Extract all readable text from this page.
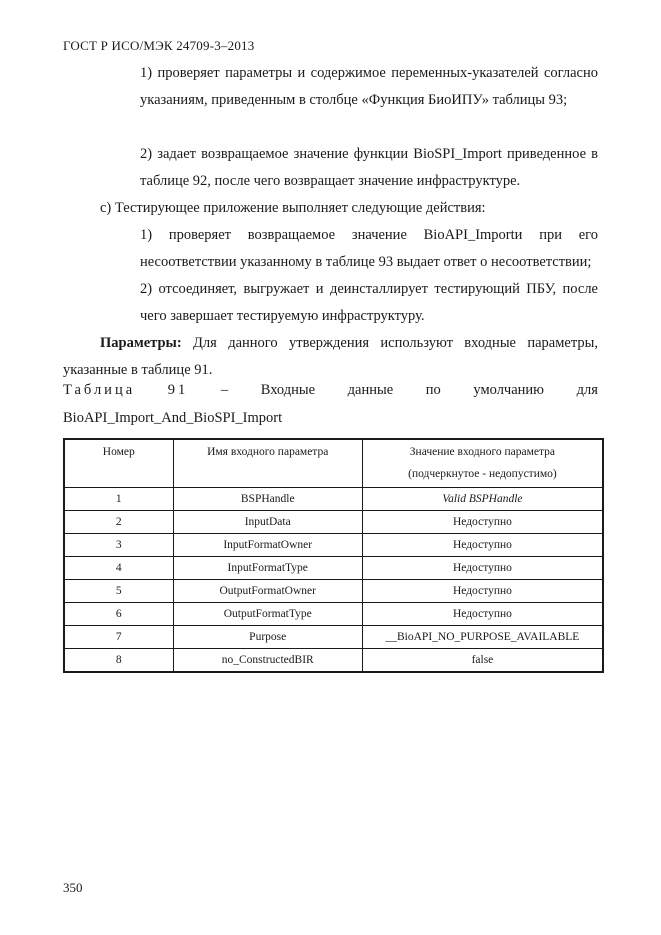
ГОСТ Р ИСО/МЭК 24709-3–2013
1) проверяет параметры и содержимое переменных-указателей согласно указаниям, приведенным в столбце «Функция БиоИПУ» таблицы 93;
2) задает возвращаемое значение функции BioSPI_Import приведенное в таблице 92, после чего возвращает значение инфраструктуре.
c) Тестирующее приложение выполняет следующие действия:
1) проверяет возвращаемое значение BioAPI_Importи при его несоответствии указанному в таблице 93 выдает ответ о несоответствии;
2) отсоединяет, выгружает и деинсталлирует тестирующий ПБУ, после чего завершает тестируемую инфраструктуру.
Параметры: Для данного утверждения используют входные параметры, указанные в таблице 91.
Таблица 91 – Входные данные по умолчанию для
BioAPI_Import_And_BioSPI_Import
Номер	Имя входного параметра	Значение входного параметра
(подчеркнутое - недопустимо)

1	BSPHandle	Valid BSPHandle
2	InputData	Недоступно
3	InputFormatOwner	Недоступно
4	InputFormatType	Недоступно
5	OutputFormatOwner	Недоступно
6	OutputFormatType	Недоступно
7	Purpose	__BioAPI_NO_PURPOSE_AVAILABLE
8	no_ConstructedBIR	false
350
